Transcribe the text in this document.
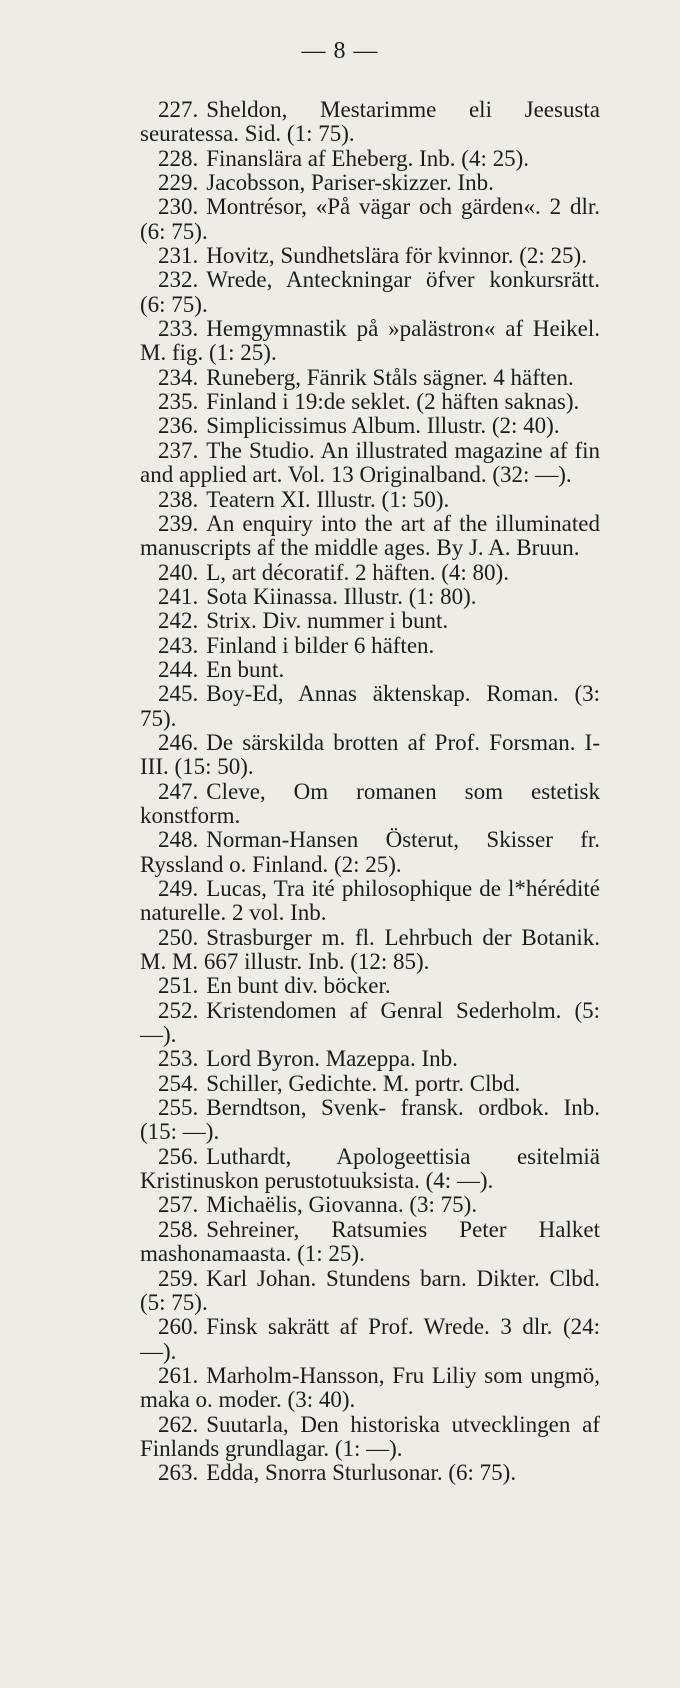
— 8 —

227. Sheldon, Mestarimme eli Jeesusta seuratessa. Sid. (1: 75).

228. Finanslära af Eheberg. Inb. (4: 25).

229. Jacobsson, Pariser-skizzer. Inb.

230. Montrésor, «På vägar och gärden«. 2 dlr. (6: 75).

231. Hovitz, Sundhetslära för kvinnor. (2: 25).

232. Wrede, Anteckningar öfver konkursrätt. (6: 75).

233. Hemgymnastik på »palästron« af Heikel. M. fig. (1: 25).

234. Runeberg, Fänrik Ståls sägner. 4 häften.

235. Finland i 19:de seklet. (2 häften saknas).

236. Simplicissimus Album. Illustr. (2: 40).

237. The Studio. An illustrated magazine af fin and applied art. Vol. 13 Originalband. (32: —).

238. Teatern XI. Illustr. (1: 50).

239. An enquiry into the art af the illuminated manuscripts af the middle ages. By J. A. Bruun.

240. L, art décoratif. 2 häften. (4: 80).

241. Sota Kiinassa. Illustr. (1: 80).

242. Strix. Div. nummer i bunt.

243. Finland i bilder 6 häften.

244. En bunt.

245. Boy-Ed, Annas äktenskap. Roman. (3: 75).

246. De särskilda brotten af Prof. Forsman. I-III. (15: 50).

247. Cleve, Om romanen som estetisk konstform.

248. Norman-Hansen Österut, Skisser fr. Ryssland o. Finland. (2: 25).

249. Lucas, Tra ité philosophique de l*hérédité naturelle. 2 vol. Inb.

250. Strasburger m. fl. Lehrbuch der Botanik. M. M. 667 illustr. Inb. (12: 85).

251. En bunt div. böcker.

252. Kristendomen af Genral Sederholm. (5: —).

253. Lord Byron. Mazeppa. Inb.

254. Schiller, Gedichte. M. portr. Clbd.

255. Berndtson, Svenk- fransk. ordbok. Inb. (15: —).

256. Luthardt, Apologeettisia esitelmiä Kristinuskon perustotuuksista. (4: —).

257. Michaëlis, Giovanna. (3: 75).

258. Sehreiner, Ratsumies Peter Halket mashonamaasta. (1: 25).

259. Karl Johan. Stundens barn. Dikter. Clbd. (5: 75).

260. Finsk sakrätt af Prof. Wrede. 3 dlr. (24: —).

261. Marholm-Hansson, Fru Liliy som ungmö, maka o. moder. (3: 40).

262. Suutarla, Den historiska utvecklingen af Finlands grundlagar. (1: —).

263. Edda, Snorra Sturlusonar. (6: 75).
